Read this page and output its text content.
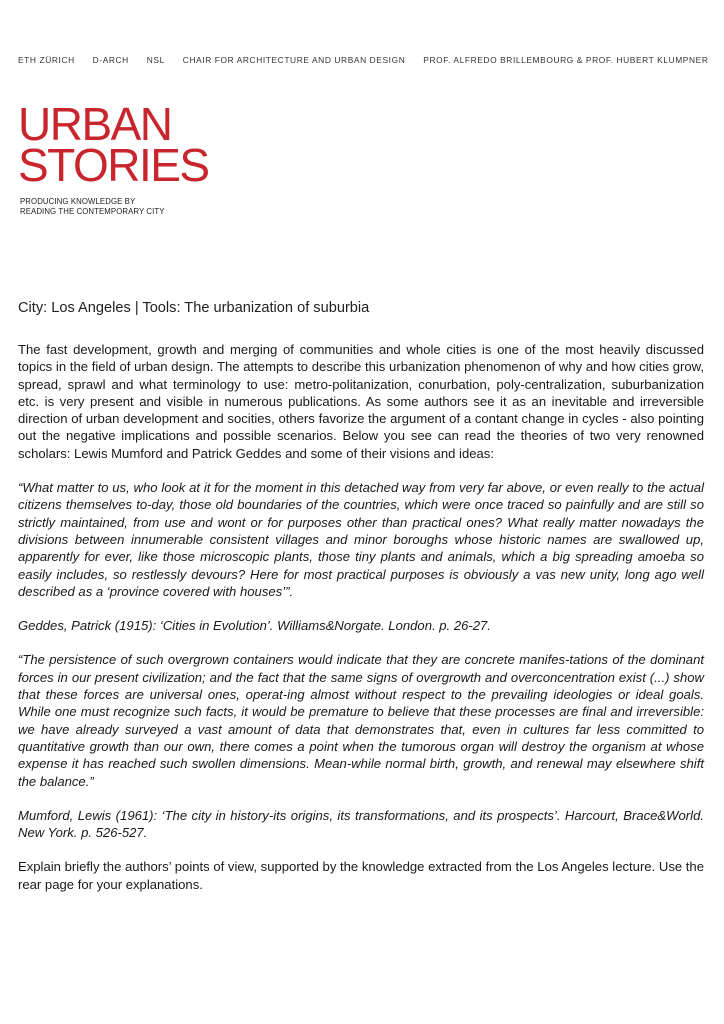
ETH ZÜRICH D-ARCH NSL CHAIR FOR ARCHITECTURE AND URBAN DESIGN PROF. ALFREDO BRILLEMBOURG & PROF. HUBERT KLUMPNER
URBAN
STORIES
PRODUCING KNOWLEDGE BY
READING THE CONTEMPORARY CITY
City: Los Angeles | Tools: The urbanization of suburbia

The fast development, growth and merging of communities and whole cities is one of the most heavily discussed topics in the field of urban design. The attempts to describe this urbanization phenomenon of why and how cities grow, spread, sprawl and what terminology to use: metro-politanization, conurbation, poly-centralization, suburbanization etc. is very present and visible in numerous publications. As some authors see it as an inevitable and irreversible direction of urban development and socities, others favorize the argument of a contant change in cycles - also pointing out the negative implications and possible scenarios. Below you see can read the theories of two very renowned scholars: Lewis Mumford and Patrick Geddes and some of their visions and ideas:

“What matter to us, who look at it for the moment in this detached way from very far above, or even really to the actual citizens themselves to-day, those old boundaries of the countries, which were once traced so painfully and are still so strictly maintained, from use and wont or for purposes other than practical ones? What really matter nowadays the divisions between innumerable consistent villages and minor boroughs whose historic names are swallowed up, apparently for ever, like those microscopic plants, those tiny plants and animals, which a big spreading amoeba so easily includes, so restlessly devours? Here for most practical purposes is obviously a vas new unity, long ago well described as a ‘province covered with houses’”.

Geddes, Patrick (1915): ‘Cities in Evolution’. Williams&Norgate. London. p. 26-27.

“The persistence of such overgrown containers would indicate that they are concrete manifes-tations of the dominant forces in our present civilization; and the fact that the same signs of overgrowth and overconcentration exist (...) show that these forces are universal ones, operat-ing almost without respect to the prevailing ideologies or ideal goals. While one must recognize such facts, it would be premature to believe that these processes are final and irreversible: we have already surveyed a vast amount of data that demonstrates that, even in cultures far less committed to quantitative growth than our own, there comes a point when the tumorous organ will destroy the organism at whose expense it has reached such swollen dimensions. Mean-while normal birth, growth, and renewal may elsewhere shift the balance.”

Mumford, Lewis (1961): ‘The city in history-its origins, its transformations, and its prospects’. Harcourt, Brace&World. New York. p. 526-527.

Explain briefly the authors’ points of view, supported by the knowledge extracted from the Los Angeles lecture. Use the rear page for your explanations.
